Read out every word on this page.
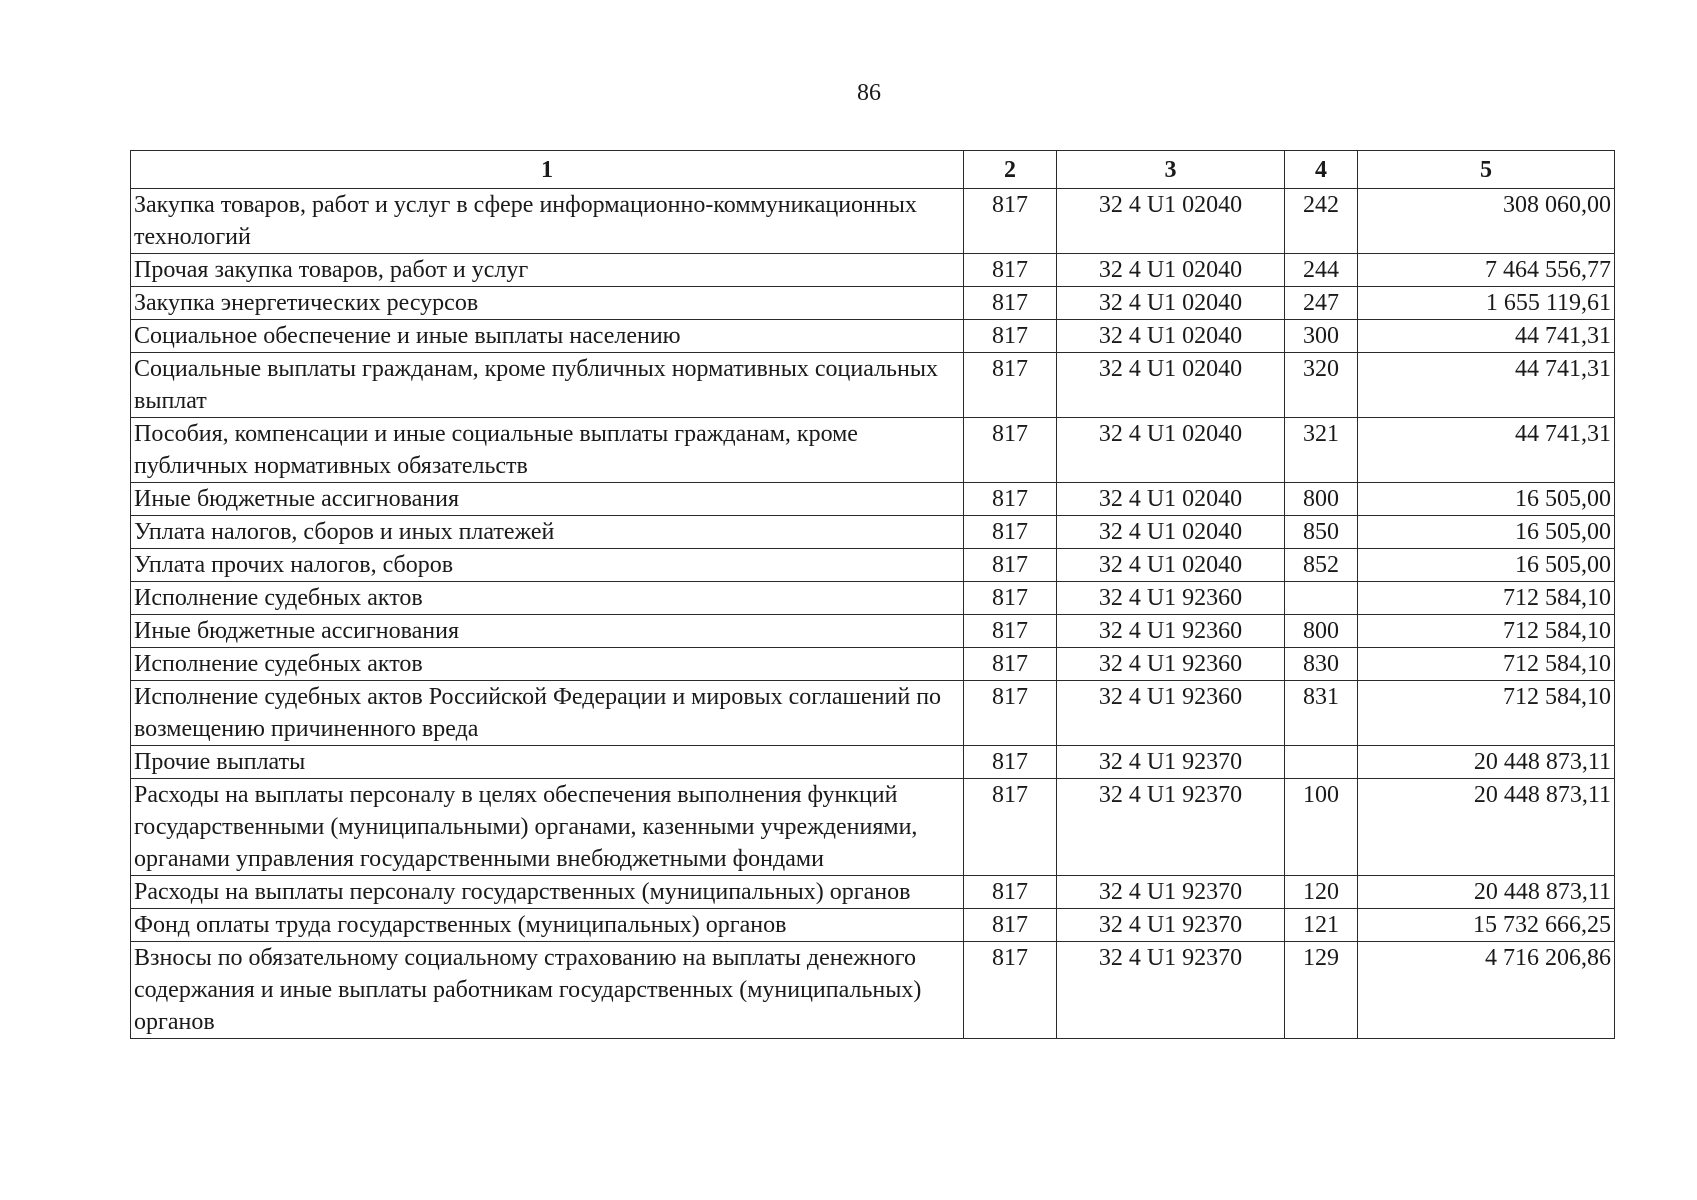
86
1	2	3	4	5
Закупка товаров, работ и услуг в сфере информационно-коммуникационных технологий	817	32 4 U1 02040	242	308 060,00
Прочая закупка товаров, работ и услуг	817	32 4 U1 02040	244	7 464 556,77
Закупка энергетических ресурсов	817	32 4 U1 02040	247	1 655 119,61
Социальное обеспечение и иные выплаты населению	817	32 4 U1 02040	300	44 741,31
Социальные выплаты гражданам, кроме публичных нормативных социальных выплат	817	32 4 U1 02040	320	44 741,31
Пособия, компенсации и иные социальные выплаты гражданам, кроме публичных нормативных обязательств	817	32 4 U1 02040	321	44 741,31
Иные бюджетные ассигнования	817	32 4 U1 02040	800	16 505,00
Уплата налогов, сборов и иных платежей	817	32 4 U1 02040	850	16 505,00
Уплата прочих налогов, сборов	817	32 4 U1 02040	852	16 505,00
Исполнение судебных актов	817	32 4 U1 92360		712 584,10
Иные бюджетные ассигнования	817	32 4 U1 92360	800	712 584,10
Исполнение судебных актов	817	32 4 U1 92360	830	712 584,10
Исполнение судебных актов Российской Федерации и мировых соглашений по возмещению причиненного вреда	817	32 4 U1 92360	831	712 584,10
Прочие выплаты	817	32 4 U1 92370		20 448 873,11
Расходы на выплаты персоналу в целях обеспечения выполнения функций государственными (муниципальными) органами, казенными учреждениями, органами управления государственными внебюджетными фондами	817	32 4 U1 92370	100	20 448 873,11
Расходы на выплаты персоналу государственных (муниципальных) органов	817	32 4 U1 92370	120	20 448 873,11
Фонд оплаты труда государственных (муниципальных) органов	817	32 4 U1 92370	121	15 732 666,25
Взносы по обязательному социальному страхованию на выплаты денежного содержания и иные выплаты работникам государственных (муниципальных) органов	817	32 4 U1 92370	129	4 716 206,86
